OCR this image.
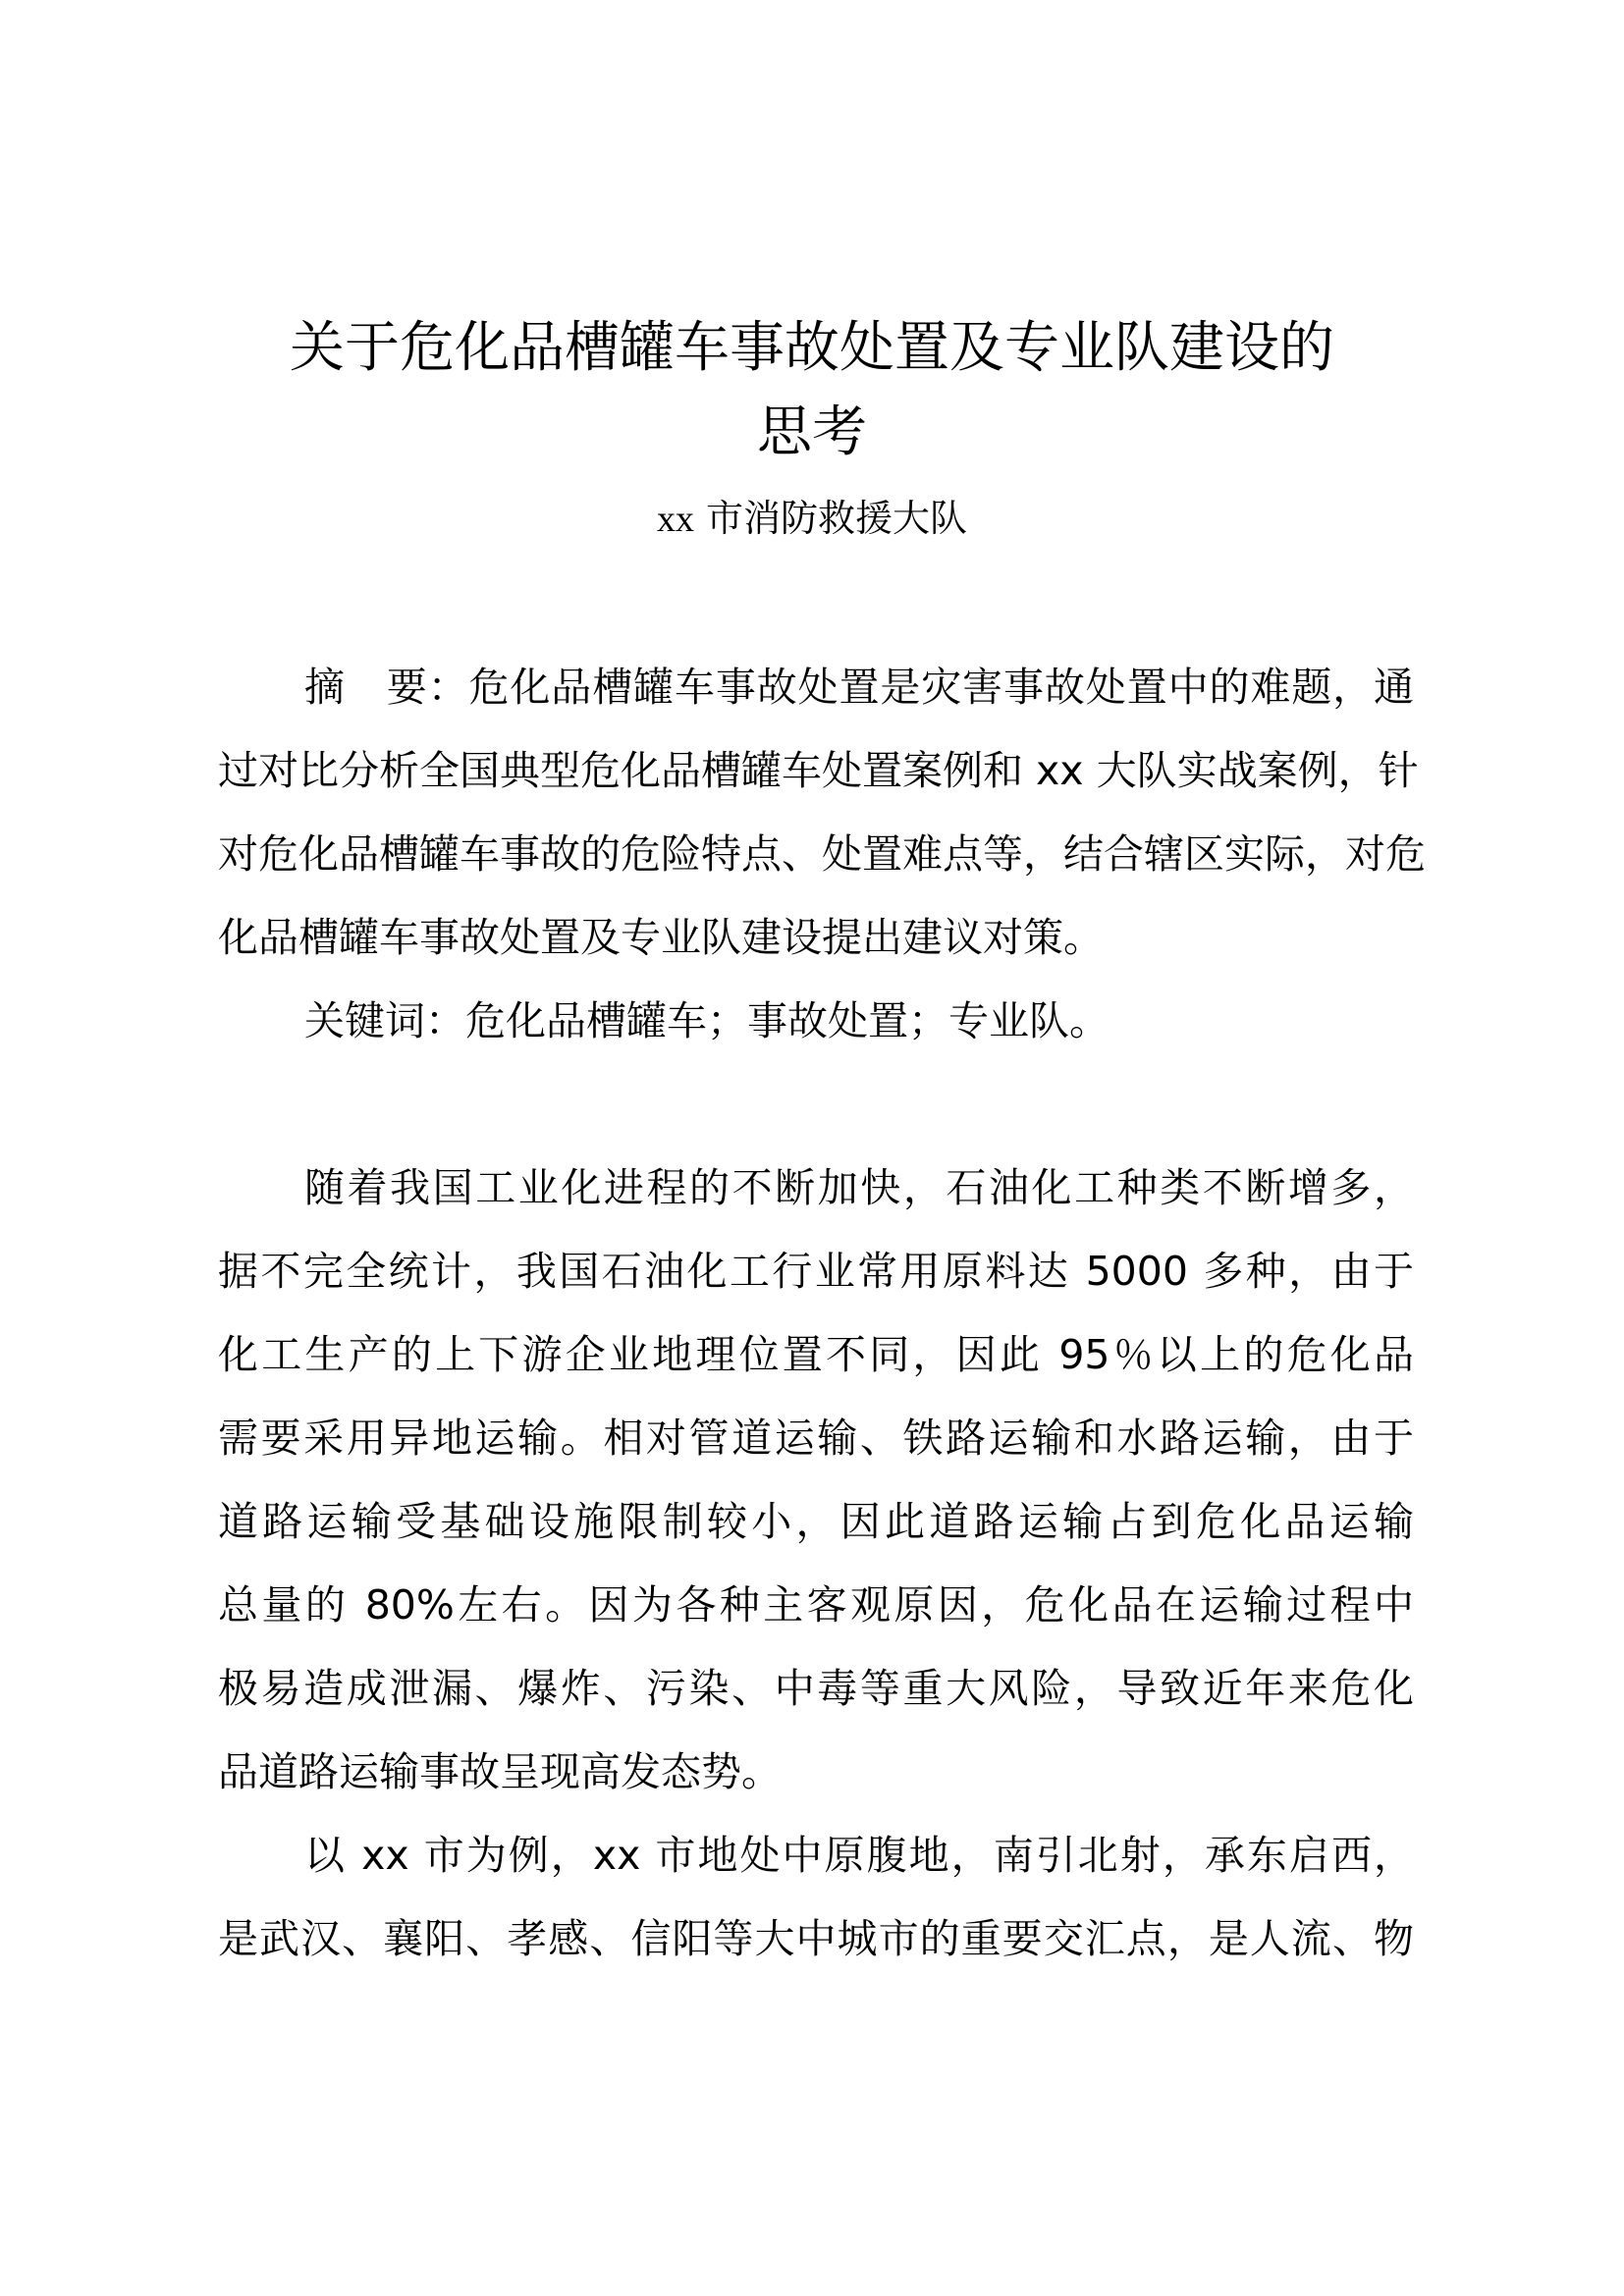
关于危化品槽罐车事故处置及专业队建设的
思考
xx 市消防救援大队
摘　要：危化品槽罐车事故处置是灾害事故处置中的难题，通
过对比分析全国典型危化品槽罐车处置案例和 xx 大队实战案例，针
对危化品槽罐车事故的危险特点、处置难点等，结合辖区实际，对危
化品槽罐车事故处置及专业队建设提出建议对策。
关键词：危化品槽罐车；事故处置；专业队。
随着我国工业化进程的不断加快，石油化工种类不断增多，
据不完全统计，我国石油化工行业常用原料达 5000 多种，由于
化工生产的上下游企业地理位置不同，因此 95％以上的危化品
需要采用异地运输。相对管道运输、铁路运输和水路运输，由于
道路运输受基础设施限制较小，因此道路运输占到危化品运输
总量的 80%左右。因为各种主客观原因，危化品在运输过程中
极易造成泄漏、爆炸、污染、中毒等重大风险，导致近年来危化
品道路运输事故呈现高发态势。
以 xx 市为例，xx 市地处中原腹地，南引北射，承东启西，
是武汉、襄阳、孝感、信阳等大中城市的重要交汇点，是人流、物
